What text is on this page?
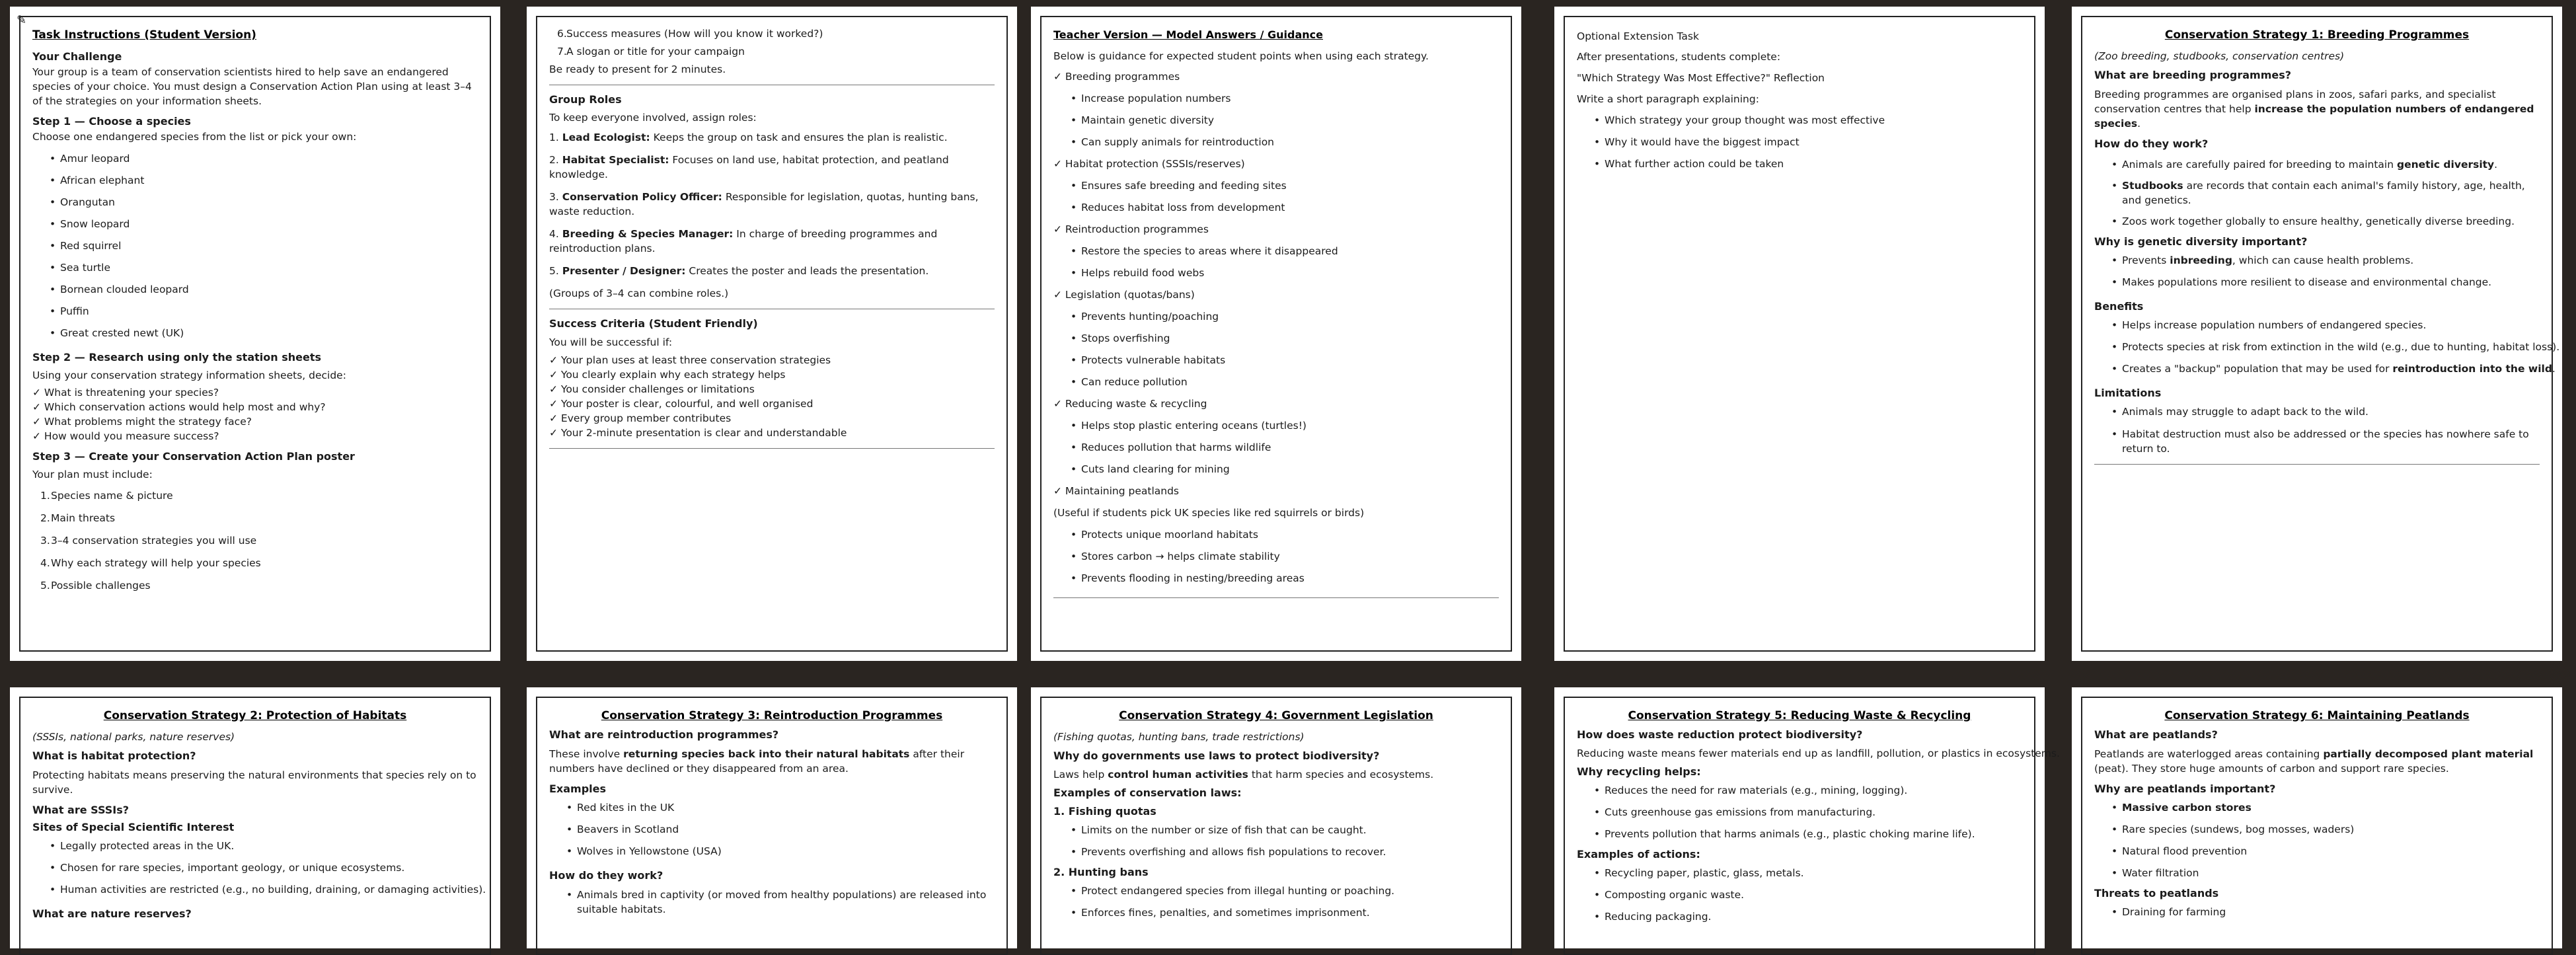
✎
Task Instructions (Student Version)
Your Challenge
Your group is a team of conservation scientists hired to help save an endangered species of your choice. You must design a Conservation Action Plan using at least 3–4 of the strategies on your information sheets.
Step 1 — Choose a species
Choose one endangered species from the list or pick your own:
• Amur leopard
• African elephant
• Orangutan
• Snow leopard
• Red squirrel
• Sea turtle
• Bornean clouded leopard
• Puffin
• Great crested newt (UK)
Step 2 — Research using only the station sheets
Using your conservation strategy information sheets, decide:
✓ What is threatening your species?
✓ Which conservation actions would help most and why?
✓ What problems might the strategy face?
✓ How would you measure success?
Step 3 — Create your Conservation Action Plan poster
Your plan must include:
1. Species name & picture
2. Main threats
3. 3–4 conservation strategies you will use
4. Why each strategy will help your species
5. Possible challenges
6. Success measures (How will you know it worked?)
7. A slogan or title for your campaign
Be ready to present for 2 minutes.
Group Roles
To keep everyone involved, assign roles:
1. Lead Ecologist: Keeps the group on task and ensures the plan is realistic.
2. Habitat Specialist: Focuses on land use, habitat protection, and peatland knowledge.
3. Conservation Policy Officer: Responsible for legislation, quotas, hunting bans, waste reduction.
4. Breeding & Species Manager: In charge of breeding programmes and reintroduction plans.
5. Presenter / Designer: Creates the poster and leads the presentation.
(Groups of 3–4 can combine roles.)
Success Criteria (Student Friendly)
You will be successful if:
✓ Your plan uses at least three conservation strategies
✓ You clearly explain why each strategy helps
✓ You consider challenges or limitations
✓ Your poster is clear, colourful, and well organised
✓ Every group member contributes
✓ Your 2-minute presentation is clear and understandable
Teacher Version — Model Answers / Guidance
Below is guidance for expected student points when using each strategy.
✓ Breeding programmes
• Increase population numbers
• Maintain genetic diversity
• Can supply animals for reintroduction
✓ Habitat protection (SSSIs/reserves)
• Ensures safe breeding and feeding sites
• Reduces habitat loss from development
✓ Reintroduction programmes
• Restore the species to areas where it disappeared
• Helps rebuild food webs
✓ Legislation (quotas/bans)
• Prevents hunting/poaching
• Stops overfishing
• Protects vulnerable habitats
• Can reduce pollution
✓ Reducing waste & recycling
• Helps stop plastic entering oceans (turtles!)
• Reduces pollution that harms wildlife
• Cuts land clearing for mining
✓ Maintaining peatlands
(Useful if students pick UK species like red squirrels or birds)
• Protects unique moorland habitats
• Stores carbon → helps climate stability
• Prevents flooding in nesting/breeding areas
Optional Extension Task
After presentations, students complete:
"Which Strategy Was Most Effective?" Reflection
Write a short paragraph explaining:
• Which strategy your group thought was most effective
• Why it would have the biggest impact
• What further action could be taken
Conservation Strategy 1: Breeding Programmes
(Zoo breeding, studbooks, conservation centres)
What are breeding programmes?
Breeding programmes are organised plans in zoos, safari parks, and specialist conservation centres that help increase the population numbers of endangered species.
How do they work?
• Animals are carefully paired for breeding to maintain genetic diversity.
• Studbooks are records that contain each animal's family history, age, health, and genetics.
• Zoos work together globally to ensure healthy, genetically diverse breeding.
Why is genetic diversity important?
• Prevents inbreeding, which can cause health problems.
• Makes populations more resilient to disease and environmental change.
Benefits
• Helps increase population numbers of endangered species.
• Protects species at risk from extinction in the wild (e.g., due to hunting, habitat loss).
• Creates a "backup" population that may be used for reintroduction into the wild.
Limitations
• Animals may struggle to adapt back to the wild.
• Habitat destruction must also be addressed or the species has nowhere safe to return to.
Conservation Strategy 2: Protection of Habitats
(SSSIs, national parks, nature reserves)
What is habitat protection?
Protecting habitats means preserving the natural environments that species rely on to survive.
What are SSSIs?
Sites of Special Scientific Interest
• Legally protected areas in the UK.
• Chosen for rare species, important geology, or unique ecosystems.
• Human activities are restricted (e.g., no building, draining, or damaging activities).
What are nature reserves?
Conservation Strategy 3: Reintroduction Programmes
What are reintroduction programmes?
These involve returning species back into their natural habitats after their numbers have declined or they disappeared from an area.
Examples
• Red kites in the UK
• Beavers in Scotland
• Wolves in Yellowstone (USA)
How do they work?
• Animals bred in captivity (or moved from healthy populations) are released into suitable habitats.
Conservation Strategy 4: Government Legislation
(Fishing quotas, hunting bans, trade restrictions)
Why do governments use laws to protect biodiversity?
Laws help control human activities that harm species and ecosystems.
Examples of conservation laws:
1. Fishing quotas
• Limits on the number or size of fish that can be caught.
• Prevents overfishing and allows fish populations to recover.
2. Hunting bans
• Protect endangered species from illegal hunting or poaching.
• Enforces fines, penalties, and sometimes imprisonment.
Conservation Strategy 5: Reducing Waste & Recycling
How does waste reduction protect biodiversity?
Reducing waste means fewer materials end up as landfill, pollution, or plastics in ecosystems.
Why recycling helps:
• Reduces the need for raw materials (e.g., mining, logging).
• Cuts greenhouse gas emissions from manufacturing.
• Prevents pollution that harms animals (e.g., plastic choking marine life).
Examples of actions:
• Recycling paper, plastic, glass, metals.
• Composting organic waste.
• Reducing packaging.
Conservation Strategy 6: Maintaining Peatlands
What are peatlands?
Peatlands are waterlogged areas containing partially decomposed plant material (peat). They store huge amounts of carbon and support rare species.
Why are peatlands important?
• Massive carbon stores
• Rare species (sundews, bog mosses, waders)
• Natural flood prevention
• Water filtration
Threats to peatlands
• Draining for farming
